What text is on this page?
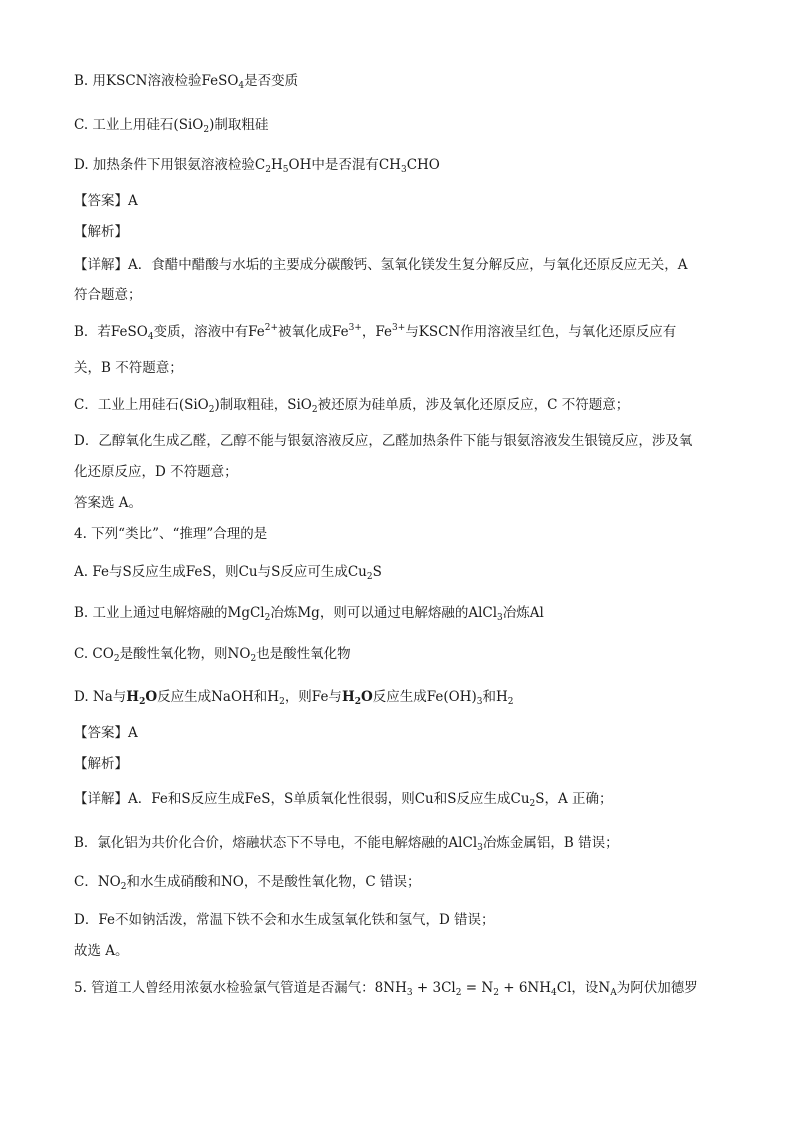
B. 用KSCN溶液检验FeSO$_4$是否变质
C. 工业上用硅石(SiO$_2$)制取粗硅
D. 加热条件下用银氨溶液检验$C_2H_5OH$中是否混有$CH_3CHO$
【答案】A
【解析】
【详解】A．食醋中醋酸与水垢的主要成分碳酸钙、氢氧化镁发生复分解反应，与氧化还原反应无关，A
符合题意；
B．若FeSO$_4$变质，溶液中有$Fe^{2+}$被氧化成$Fe^{3+}$，$Fe^{3+}$与KSCN作用溶液呈红色，与氧化还原反应有
关，B 不符题意；
C．工业上用硅石(SiO$_2$)制取粗硅，SiO$_2$被还原为硅单质，涉及氧化还原反应，C 不符题意；
D．乙醇氧化生成乙醛，乙醇不能与银氨溶液反应，乙醛加热条件下能与银氨溶液发生银镜反应，涉及氧
化还原反应，D 不符题意；
答案选 A。
4. 下列“类比”、“推理”合理的是
A. Fe与S反应生成FeS，则Cu与S反应可生成$Cu_2S$
B. 工业上通过电解熔融的MgCl$_2$冶炼Mg，则可以通过电解熔融的AlCl$_3$冶炼Al
C. $CO_2$是酸性氧化物，则$NO_2$也是酸性氧化物
D. Na与$H_2O$反应生成NaOH和$H_2$，则Fe与$H_2O$反应生成$Fe(OH)_3$和$H_2$
【答案】A
【解析】
【详解】A．Fe和S反应生成FeS，S单质氧化性很弱，则Cu和S反应生成$Cu_2S$，A 正确；
B．氯化铝为共价化合价，熔融状态下不导电，不能电解熔融的AlCl$_3$冶炼金属铝，B 错误；
C．$NO_2$和水生成硝酸和NO，不是酸性氧化物，C 错误；
D．Fe不如钠活泼，常温下铁不会和水生成氢氧化铁和氢气，D 错误；
故选 A。
5. 管道工人曾经用浓氨水检验氯气管道是否漏气：$8NH_3 + 3Cl_2 = N_2 + 6NH_4Cl$，设$N_A$为阿伏加德罗
